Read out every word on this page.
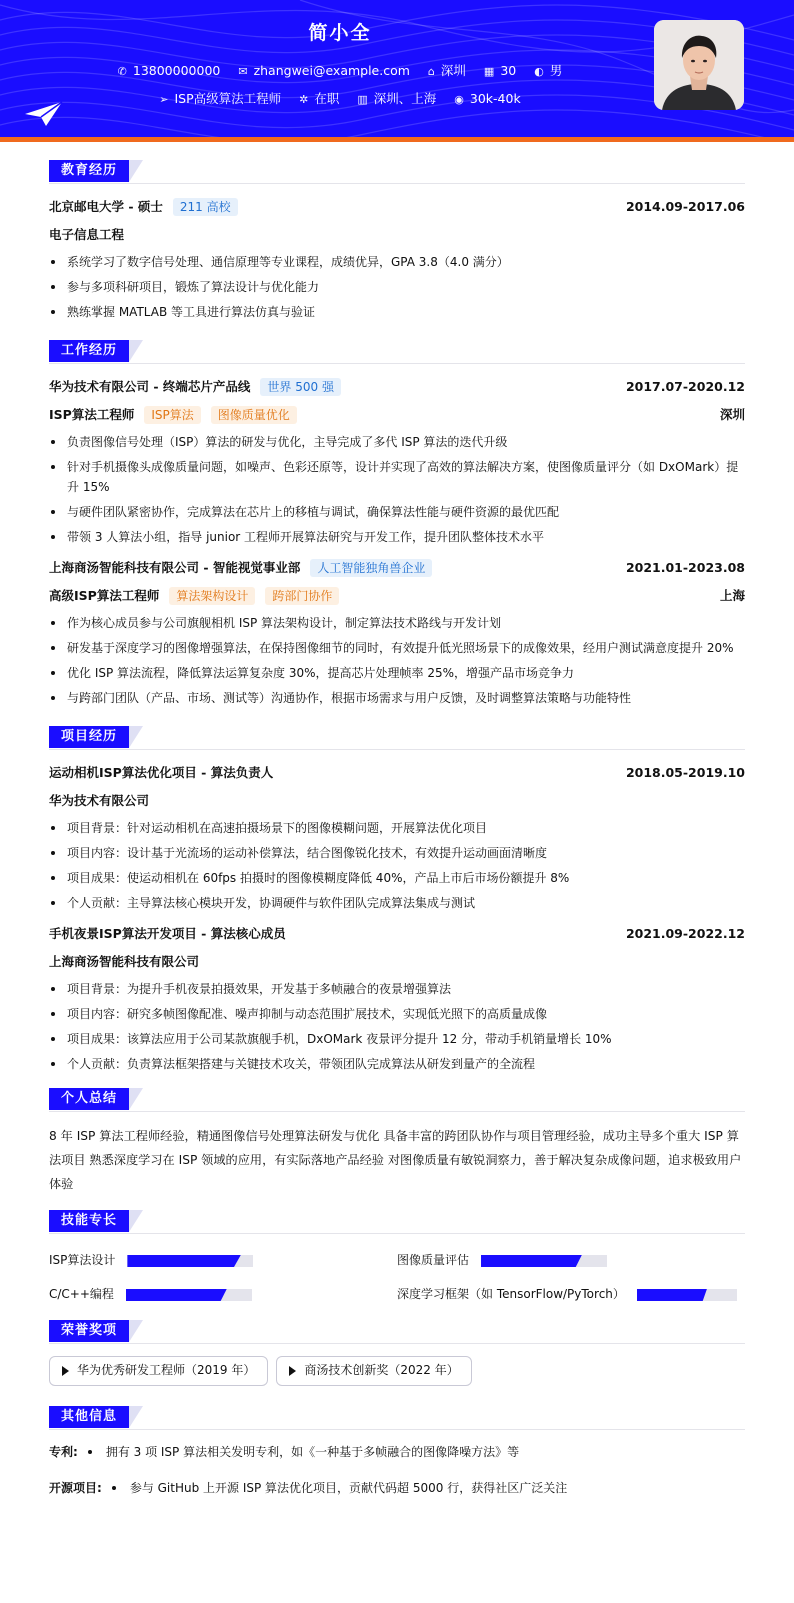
简小全
✆ 13800000000 ✉ zhangwei@example.com ⌂ 深圳 ▦ 30 ◐ 男
➢ ISP高级算法工程师 ✲ 在职 ▥ 深圳、上海 ◉ 30k-40k
教育经历
北京邮电大学 - 硕士	211 高校	2014.09-2017.06
电子信息工程
系统学习了数字信号处理、通信原理等专业课程，成绩优异，GPA 3.8（4.0 满分）
参与多项科研项目，锻炼了算法设计与优化能力
熟练掌握 MATLAB 等工具进行算法仿真与验证
工作经历
华为技术有限公司 - 终端芯片产品线	世界 500 强	2017.07-2020.12
ISP算法工程师	ISP算法	图像质量优化	深圳
负责图像信号处理（ISP）算法的研发与优化，主导完成了多代 ISP 算法的迭代升级
针对手机摄像头成像质量问题，如噪声、色彩还原等，设计并实现了高效的算法解决方案，使图像质量评分（如 DxOMark）提升 15%
与硬件团队紧密协作，完成算法在芯片上的移植与调试，确保算法性能与硬件资源的最优匹配
带领 3 人算法小组，指导 junior 工程师开展算法研究与开发工作，提升团队整体技术水平
上海商汤智能科技有限公司 - 智能视觉事业部	人工智能独角兽企业	2021.01-2023.08
高级ISP算法工程师	算法架构设计	跨部门协作	上海
作为核心成员参与公司旗舰相机 ISP 算法架构设计，制定算法技术路线与开发计划
研发基于深度学习的图像增强算法，在保持图像细节的同时，有效提升低光照场景下的成像效果，经用户测试满意度提升 20%
优化 ISP 算法流程，降低算法运算复杂度 30%，提高芯片处理帧率 25%，增强产品市场竞争力
与跨部门团队（产品、市场、测试等）沟通协作，根据市场需求与用户反馈，及时调整算法策略与功能特性
项目经历
运动相机ISP算法优化项目 - 算法负责人	2018.05-2019.10
华为技术有限公司
项目背景：针对运动相机在高速拍摄场景下的图像模糊问题，开展算法优化项目
项目内容：设计基于光流场的运动补偿算法，结合图像锐化技术，有效提升运动画面清晰度
项目成果：使运动相机在 60fps 拍摄时的图像模糊度降低 40%，产品上市后市场份额提升 8%
个人贡献：主导算法核心模块开发，协调硬件与软件团队完成算法集成与测试
手机夜景ISP算法开发项目 - 算法核心成员	2021.09-2022.12
上海商汤智能科技有限公司
项目背景：为提升手机夜景拍摄效果，开发基于多帧融合的夜景增强算法
项目内容：研究多帧图像配准、噪声抑制与动态范围扩展技术，实现低光照下的高质量成像
项目成果：该算法应用于公司某款旗舰手机，DxOMark 夜景评分提升 12 分，带动手机销量增长 10%
个人贡献：负责算法框架搭建与关键技术攻关，带领团队完成算法从研发到量产的全流程
个人总结

8 年 ISP 算法工程师经验，精通图像信号处理算法研发与优化 具备丰富的跨团队协作与项目管理经验，成功主导多个重大 ISP 算法项目 熟悉深度学习在 ISP 领域的应用，有实际落地产品经验 对图像质量有敏锐洞察力，善于解决复杂成像问题，追求极致用户体验

技能专长
ISP算法设计	图像质量评估
C/C++编程	深度学习框架（如 TensorFlow/PyTorch）
荣誉奖项
华为优秀研发工程师（2019 年）	商汤技术创新奖（2022 年）
其他信息
专利: 拥有 3 项 ISP 算法相关发明专利，如《一种基于多帧融合的图像降噪方法》等
开源项目: 参与 GitHub 上开源 ISP 算法优化项目，贡献代码超 5000 行，获得社区广泛关注
